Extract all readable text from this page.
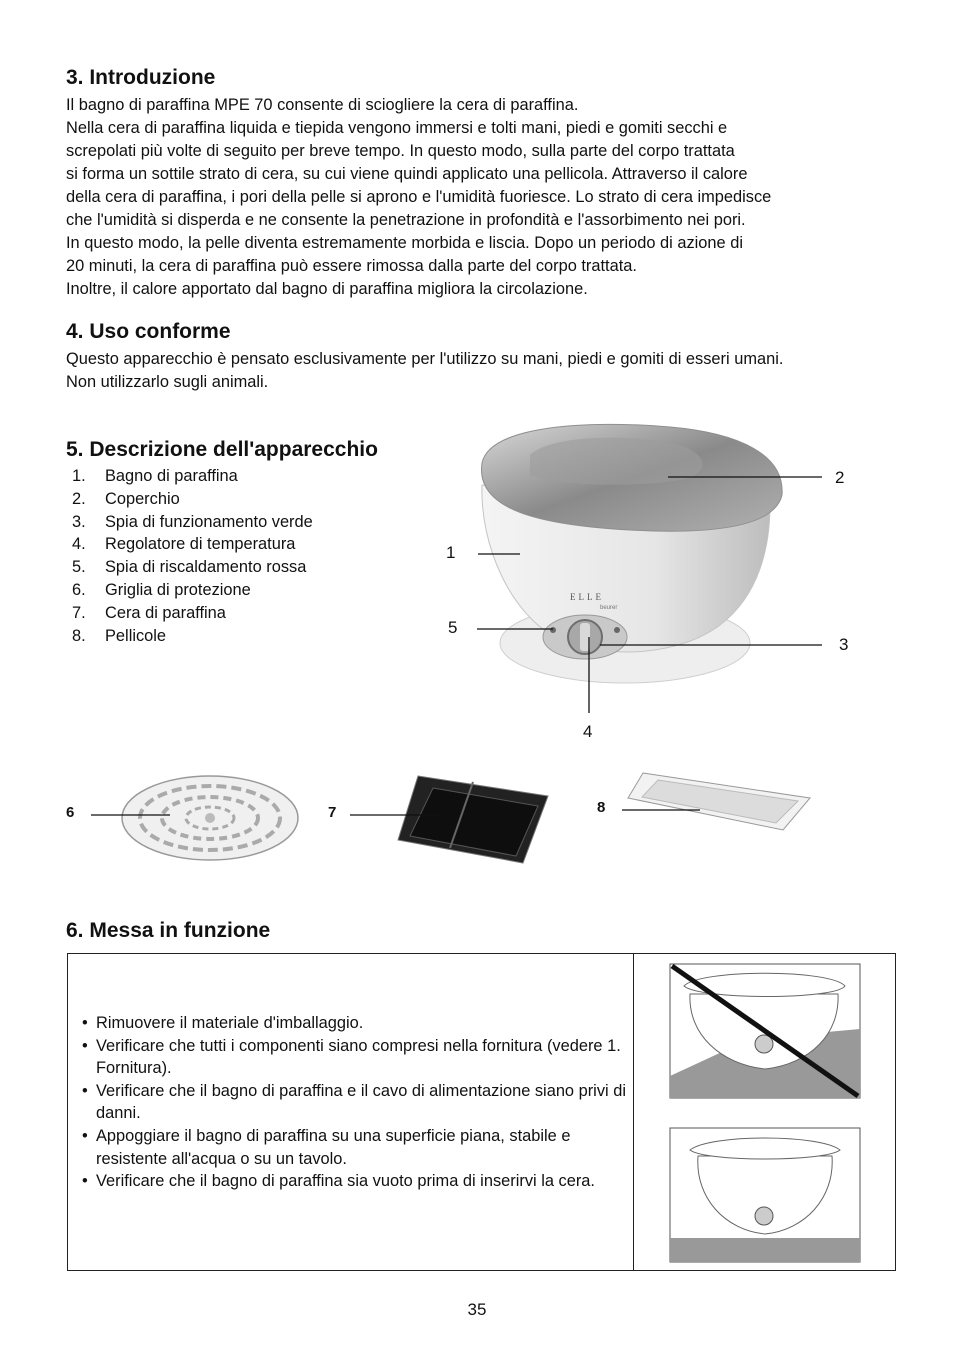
3. Introduzione
Il bagno di paraffina MPE 70 consente di sciogliere la cera di paraffina.
Nella cera di paraffina liquida e tiepida vengono immersi e tolti mani, piedi e gomiti secchi e
screpolati più volte di seguito per breve tempo. In questo modo, sulla parte del corpo trattata
si forma un sottile strato di cera, su cui viene quindi applicato una pellicola. Attraverso il calore
della cera di paraffina, i pori della pelle si aprono e l'umidità fuoriesce. Lo strato di cera impedisce
che l'umidità si disperda e ne consente la penetrazione in profondità e l'assorbimento nei pori.
In questo modo, la pelle diventa estremamente morbida e liscia. Dopo un periodo di azione di
20 minuti, la cera di paraffina può essere rimossa dalla parte del corpo trattata.
Inoltre, il calore apportato dal bagno di paraffina migliora la circolazione.
4. Uso conforme
Questo apparecchio è pensato esclusivamente per l'utilizzo su mani, piedi e gomiti di esseri umani.
Non utilizzarlo sugli animali.
5. Descrizione dell'apparecchio
1. Bagno di paraffina
2. Coperchio
3. Spia di funzionamento verde
4. Regolatore di temperatura
5. Spia di riscaldamento rossa
6. Griglia di protezione
7. Cera di paraffina
8. Pellicole
ELLE
beurer
2
1
5
3
4
6	7	8
6. Messa in funzione
• Rimuovere il materiale d'imballaggio.
• Verificare che tutti i componenti siano compresi nella fornitura (vedere 1. Fornitura).
• Verificare che il bagno di paraffina e il cavo di alimentazione siano privi di danni.
• Appoggiare il bagno di paraffina su una superficie piana, stabile e resistente all'acqua o su un tavolo.
• Verificare che il bagno di paraffina sia vuoto prima di inserirvi la cera.
35
